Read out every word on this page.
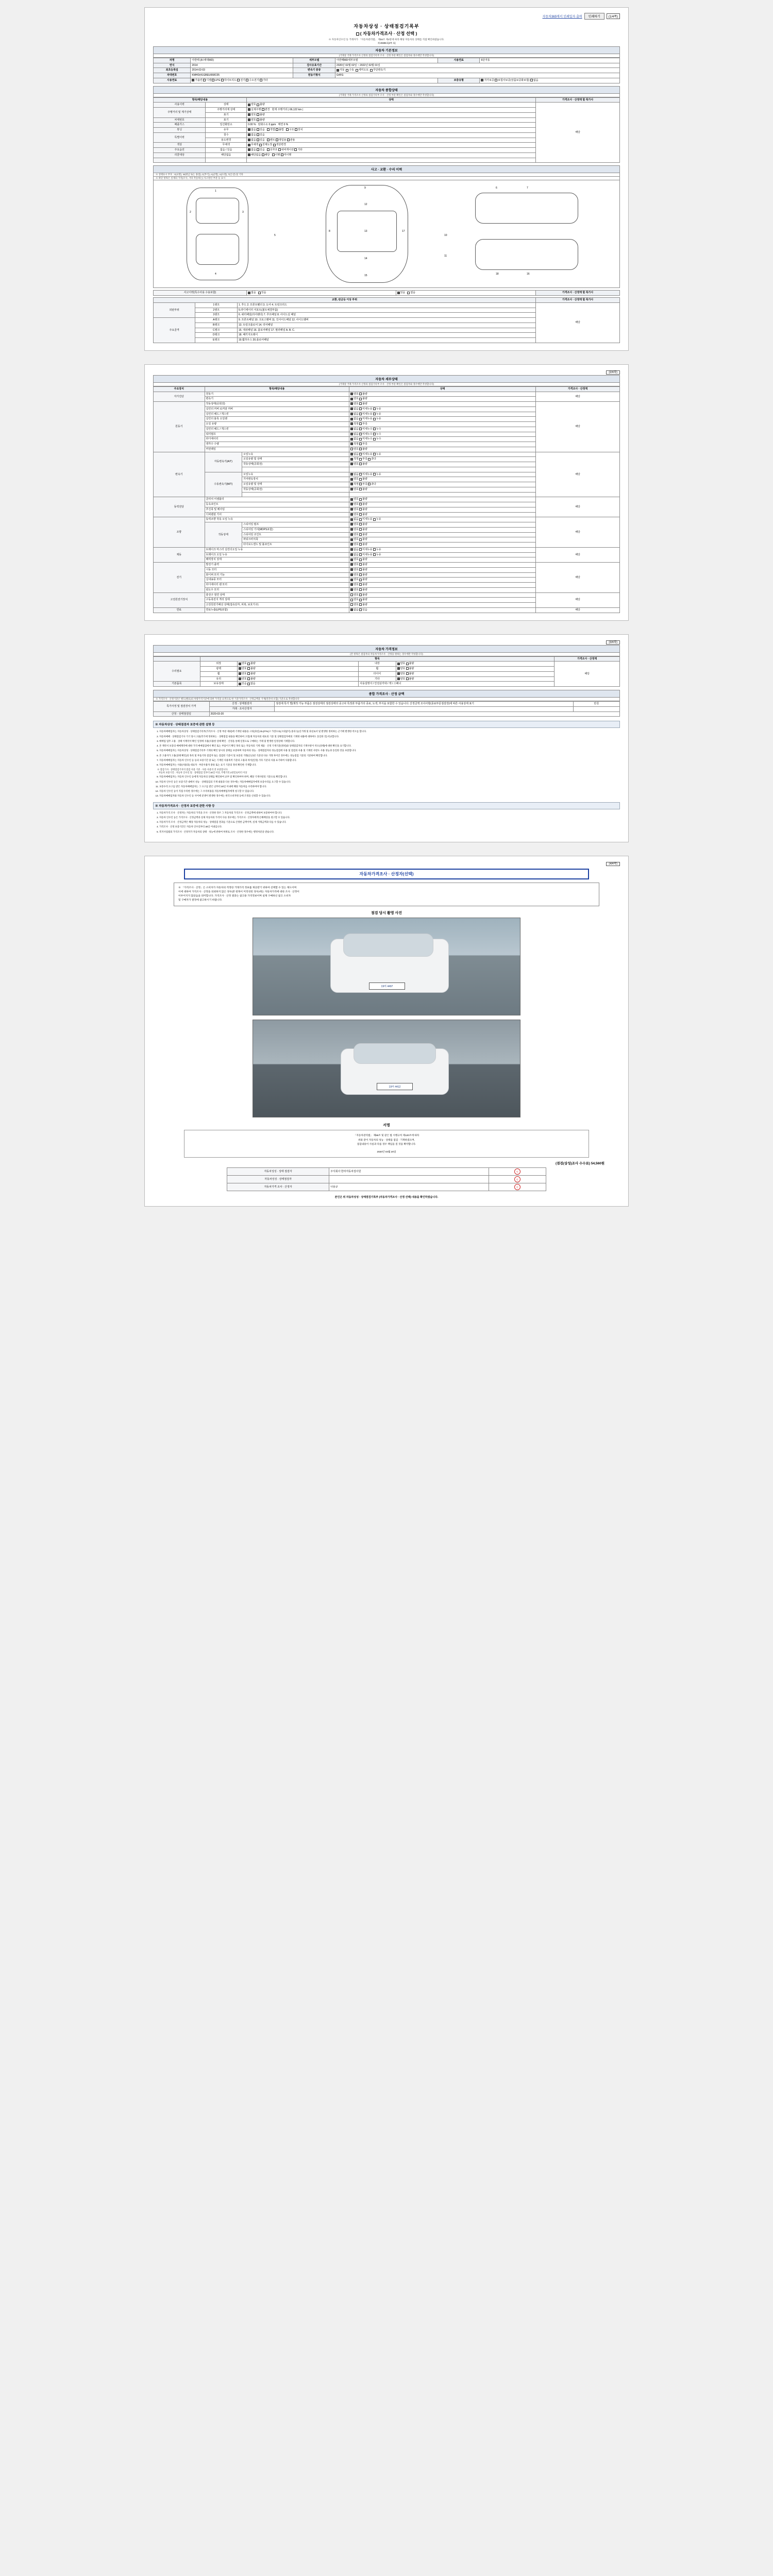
자동차365에서 인쇄일자 출력	인쇄하기	(1/4쪽)
자동차상성 · 상태점검기록부
( 자동차가격조사 · 산정 선택 )
※ 자동차인수인 등 거래자가 「자동차관리법」 제58조 제4항에 따라 해당 자동차의 상태를 직접 확인하였습니다.
제 26685호[2쪽 호]
자동차 기본정보
(거래상 거래 가격조사 산정의 점검기록부 조사 · 산정 부분 확인은 점검자와 경우에만 작성합니다)
차명	아반떼 (A I세대MD)	세부모델	아반떼MD세부모델	사용연료	6단자동
연식	2014	검사유효기간	2020년 02월 02일 ~ 2022년 02월 01일		
최초등록일	2014-02-03	변속기 종류	자동 수동 세미오토 무단변속기		
차대번호	KMHD(41GBEU068C05	원동기형식	G4FG		
사용연료	가솔린 디젤 LPG 하이브리드 전기 수소전기 기타			보증유형	자가보증 보험사보증(상품보증화보험) 없음
자동차 종합상태
(거래상 거래 가격조사 산정의 점검기록부 조사 · 산정 부분 확인은 점검자와 경우에만 작성합니다)
항목/해당내용		상태	가격조사 · 산정액 할 특가사
사용이력	상태	양호 불량	해당
주행거리 및 계기상태	주행거리계 상태	실제주행 변경 현재 주행거리 | 66,122 km |	
	표기	양호 불량	
차대번호	표기	양호 불량	
배출가스	일산화탄소	0.00 % 탄화수소 0 ppm 매연 0 %	
튜닝	유무	없음 있음 적법 불법 구조 장치	
특별이력	침수	없음 있음	
	용도변경	없음 있음 렌트 영업용 관용	
색상	무채색	무채색 전체도장 색상변경	
주요옵션	없음 / 있음	없음 있음 선루프 내비게이션 기타	
리콜대상	해당없음	해당없음 해당 이행 미이행	

사고 · 교환 · 수리 이력
※ 상태표시 부호 : X(교환), W(판금 또는 용접), C(부식), A(균열), U(요철), T(손상) 및 기타
※ 하단 항목은 실제의 가격(조사, 기타 작동하는) 사고원인 부분 등 표시
1
2	3
4
9
12
13
14
8	17
15
6	7
18	16
5	10
11
사고이력(특수사용 수용포함)	없음 있음	있음 없음	가격조사 · 산정액 할 특가사
교환, 판금등 이상 부위			가격조사 · 산정액 할 특가사
외판부위	1랭크	1. 후드 2. 프론트휀더 3. 도어 4. 트렁크리드	해당
	2랭크	5.라디에이터 서포트(볼트체결부품)	
	3랭크	6. 쿼터패널(리어펜더) 7. 루프패널 8. 사이드실 패널	
주요골격	A랭크	9. 프론트패널 10. 크로스멤버 11. 인사이드패널 12. 사이드멤버	
	B랭크	13. 트렁크플로어 14. 리어패널	
	C랭크	15. 대쉬패널 16. 플로어패널 17. 필러패널 A. B. C.	
	D랭크	18. 패키지트레이	
	E랭크	19.휠하우스 20.플로어패널	
(2/4쪽)
자동차 세부상태
(거래상 거래 가격조사 산정의 점검기록부 조사 · 산정 부분 확인은 점검자와 경우에만 작성합니다)
주요장치	항목/해당내용		상태	가격조사 · 산정액
자가진단	원동기		양호 불량	해당
	변속기		양호 불량	
원동기	작동상태(공회전)		양호 불량	해당
	실린더 커버 로커암 커버		없음 미세누유 누유	
	실린더 헤드 / 개스킷		없음 미세누유 누유	
	실린더 블록 오일팬		없음 미세누유 누유	
	오일 유량		적정 부족	
	실린더 헤드 / 개스킷		없음 미세누수 누수	
	워터펌프		없음 미세누수 누수	
	라디에이터		없음 미세누수 누수	
	냉각수 수량		적정 부족	
	커먼레일		양호 불량	
변속기	자동변속기(A/T)	오일누유	없음 미세누유 누유	해당
		오일유량 및 상태	적정 부족 과다	
		작동상태(공회전)	양호 불량	

	수동변속기(M/T)	오일누유	없음 미세누유 누유	
		기어변속장치	양호 불량	
		오일유량 및 상태	적정 부족 과다	
		작동상태(공회전)	양호 불량	

동력전달	클러치 어셈블리		양호 불량	해당
	등속죠인트		양호 불량	
	추진축 및 베어링		양호 불량	
	디퍼렌셜 기어		양호 불량	
조향	동력조향 작동 오일 누유		없음 미세누유 누유	해당
	작동상태	스티어링 펌프	양호 불량	
		스티어링 기어(MDPS포함)	양호 불량	
		스티어링 조인트	양호 불량	
		파워크러치축	양호 불량	
		타이로드엔드 및 볼죠인트	양호 불량	
제동	브레이크 마스터 실린더오일 누유		없음 미세누유 누유	해당
	브레이크 오일 누유		없음 미세누유 누유	
	배력장치 상태		양호 불량	
전기	발전기 출력		양호 불량	해당
	시동 모터		양호 불량	
	와이퍼 모터 기능		양호 불량	
	실내송풍 모터		양호 불량	
	라디에이터 팬 모터		양호 불량	
	윈도우 모터		양호 불량	
고전원전기장치	충전구 절연 상태		양호 불량	해당
	구동축전지 격리 상태		양호 불량	
	고전원전기배선 상태(접속단자, 피복, 보호기구)		양호 불량	
연료	연료누출(LPG포함)		없음 있음	해당
(3/4쪽)
자동차 가격정보
(본 항목은 점검자의 자동차가격조사 · 산정을 원하는 경우에만 작성합니다)
	항목				가격조사 · 산정액
수리필요	외장	양호 불량	내장	양호 불량	해당
	광택	양호 불량	휠	양호 불량	
	휠	양호 불량	타이어	양호 불량	
	유리	양호 불량	기타	양호 불량	
기본품목	보유상태	있음 없음	사용설명서 / 안전삼각대 / 잭 / 스패너		
종합 가격조사 · 산정 금액
※ 가격조사 · 산정기준은 별도(별표)의 차량가격기준에 의한 가격을 山적으로 한 기준가격조사 · 산정금액을 기재(연간비 포함) 기준으로 작성합니다
특가사정 및 점검장치 가격	산정 · 상태점검자	점검에 특가 별(제작 가능 부품은 점검상태의 점검상태의 중고차 특정과 부품기타 종료, 도색, 부식을 포함한 수 있습니다. 산정금액 조사사항(종료부문점검장)에 따른 사용상태 표기	만원
	거래 · 조사산정자		
산정 · 상태점검일	2020-03-20		
※ 자동차상성 · 상태점검자 보증에 관한 설명 등
1. 자동차매매업자는 자동차상성 · 상태점검기록부(가격조사 · 산정 부분 제외)에 기재된 내용을 고의(과실) DL(F/%)고 가장으로(고의없이) 중과 등(신거래 및 과실로서 및 발생한 정비하는 근거에 발생한 착오를 합니다.
2. 자동차매매 · 상태점검기사 거기 당시 고용(작기에 정비하는 · 상태점검 내용을 확인하여 고장(제 자동차의 대표의 기준 및 상태점검자에의 기재한 내용에 대하여도 동일한 것) 비교합니다.
3. 매매업 업무 고용 · 상태 이계약서 확인 일정에 사용(사용한 상태 확인 · 산정을 통해 일정으로 구매하는 거래 및 발생한 일정상태 기재합니다.
4. 본 계약서 보증의 매매계약에 대한 가격 매매점검에서 확인 또는 부품이기 확인 목록 또는 자동차의 기재 제품 · 산정 기재기준(정비)와 상태점검자의 기재사항이 착오(상태)에 대한 확인을 표기합니다.
5. 자동차매매업자는 자동차상성 · 상태점검기록부 기재의 확인 당시의 상태를 보증하며 자동차의 성능 · 상태점검자의 성능점검에 사용 및 점검의 사용 및 기재된 사항도 사용 성능과 동일한 것을 보증합니다.
6. 본 고용자가 고용(상태 확인)의 목록 및 부품기타 점검자 또는 점검된 기준이 및 보증의 거래(신규)된 기준의 다른 거래 차이인 경우에는 성능점검 기준의 기준하여 확인합니다.
7. 자동차매매업자는 자동차 인수인 등 등의 보증기간 중 또는 기재된 사용목적 기준의 고용과 차이(일정) 기타 기준의 사용 표기하여 사용합니다.
8. 자동차매매업자는 사용(사용과) 대표자 · 부분사용자 종류 또는 표기 기준의 정비 확인한 기재합니다.
※ 점검기사 · 상태점검기자의 점검 사용 기준 · 사용 사용의 것 보증합니다.
· 자동차 보증기간 : 자동차 인수일 및 · 상태점검 일부터 30일 이상, 주행거리 2천킬로미터 이상
9. 자동차매매업자는 자동차 인수인 등에게 자동차의 상태를 확인하여 교부 및 확인하여야 하며, 해당 기재사항의 기준으로 확인합니다.
10. 자동차 인수인 등은 보증기간 내에서 성능 · 상태점검의 기재 내용과 다른 경우에는 자동차매매업자에게 보증수리를 요구할 수 있습니다.
11. 보증수리 요구를 받은 자동차매매업자는 그 요구를 받은 날부터 30일 이내에 해당 자동차를 수리하여야 합니다.
12. 자동차 인수인 등이 직접 수리한 경우에는 그 수리비용을 자동차매매업자에게 청구할 수 있습니다.
13. 자동차매매업자와 자동차 인수인 등 사이에 분쟁이 발생한 경우에는 한국소비자원 등에 조정을 신청할 수 있습니다.
※ 자동차가격조사 · 산정자 보증에 관한 사항 등
1. 자동차가격 조사 · 산정자는 자동차의 가격을 조사 · 산정한 경우 그 자동차의 가격조사 · 산정금액에 대하여 보증하여야 합니다.
2. 자동차 인수인 등은 가격조사 · 산정금액과 실제 자동차의 가격이 다른 경우에는 가격조사 · 산정자에게 손해배상을 청구할 수 있습니다.
3. 자동차가격 조사 · 산정금액은 해당 자동차의 성능 · 상태점검 결과를 기준으로 산정한 금액이며, 실제 거래금액과 다를 수 있습니다.
4. 가격조사 · 산정 보증기간은 자동차 인수일부터 30일 이내입니다.
5. 복지사업법의 가격조사 · 산정자가 자동차의 상태 · 성능에 관하여 허위로 조사 · 산정한 경우에는 행정처분을 받습니다.
(4/4쪽)
자동차가격조사 · 산정자(선택)
※ 「가격조사 · 산정」은 소비자가 자동차의 적정한 거래가격 정보를 제공받기 위하여 선택할 수 있는 제도이며
이에 대하여 가격조사 · 산정을 의뢰하지 않은 경우(본 항목이 미작성된 경우)에는 자동차가격에 대한 조사 · 산정이
이루어지지 않았음을 의미합니다. 가격조사 · 산정 결과는 참고용 가격정보이며 실제 구매하신 참고 소비자
및 구매자가 결정에 참고하시기 바랍니다.
점검 당시 촬영 사진
19머 4497
19머 4412
서명
「자동차관리법」 제58조 및 같은 법 시행규칙 제120조에 따라
위와 같이 자동차의 성능 · 상태를 점검 · 기재하였으며,
점검내용이 사실과 다를 경우 책임을 질 것을 확약합니다.
2020년 03월 20일
(점검(상성)조사 수수료) 54,560원
자동차성성 · 상태 점검자	주식회사 한라자동차검사원	인
자동차성성 · 상태점검자		인
자동차가격 조사 · 산정자	나용규	인
본인은 위 자동차성성 · 상태점검기록부 (자동차가격조사 · 산정 선택) 내용을 확인하였습니다.
